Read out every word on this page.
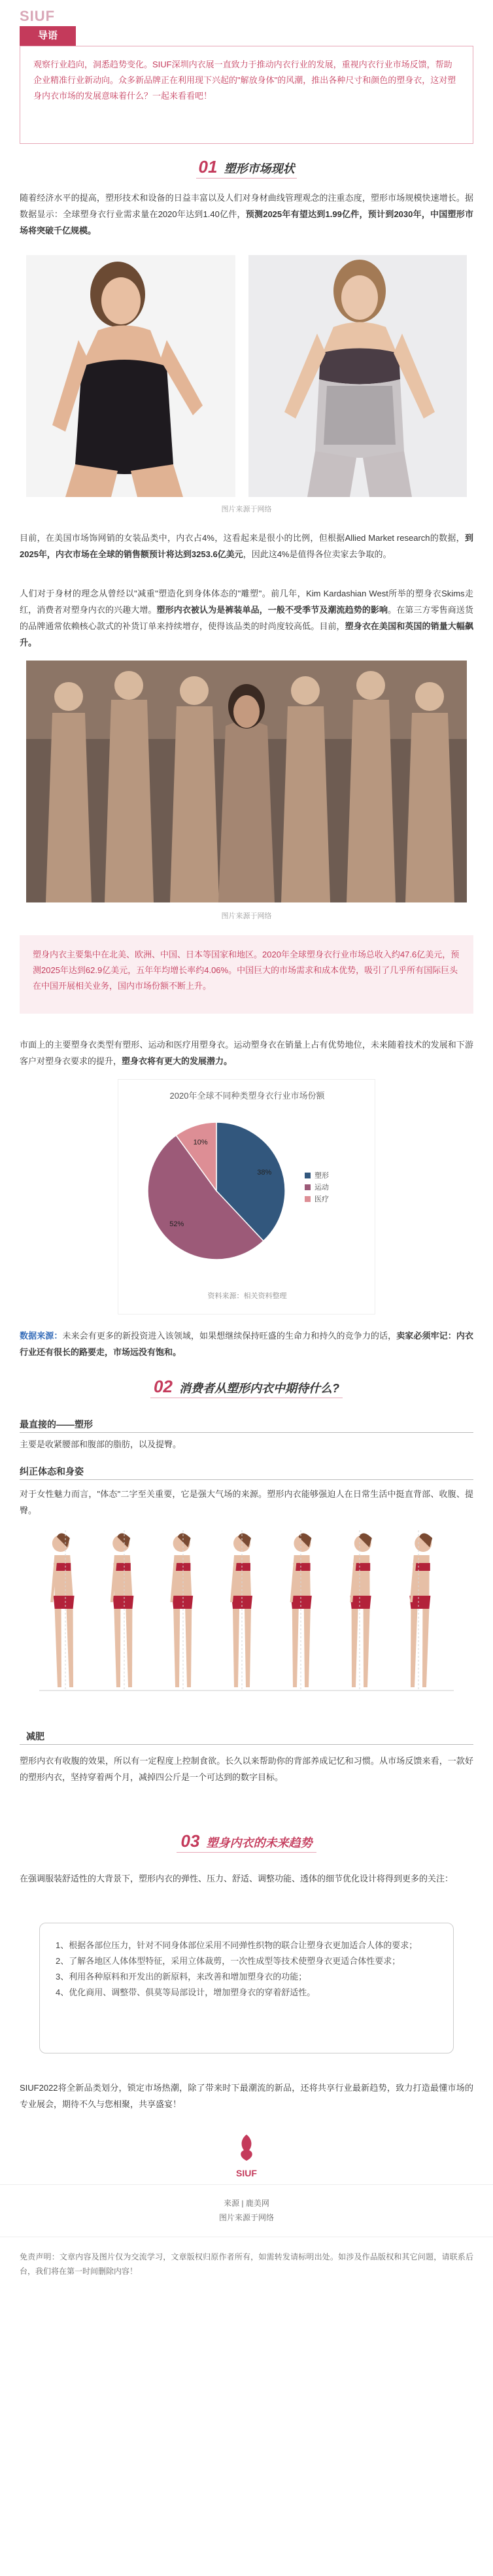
SIUF
导语
观察行业趋向，洞悉趋势变化。SIUF深圳内衣展一直致力于推动内衣行业的发展，重视内衣行业市场反馈，帮助企业精准行业新动向。众多新品牌正在利用现下兴起的"解放身体"的风潮，推出各种尺寸和颜色的塑身衣，这对塑身内衣市场的发展意味着什么？一起来看看吧！
01 塑形市场现状
随着经济水平的提高，塑形技术和设备的日益丰富以及人们对身材曲线管理观念的注重态度，塑形市场规模快速增长。据数据显示：全球塑身衣行业需求量在2020年达到1.40亿件，预测2025年有望达到1.99亿件，预计到2030年，中国塑形市场将突破千亿规模。
图片来源于网络
目前，在美国市场饰网销的女装品类中，内衣占4%，这看起来是很小的比例，但根据Allied Market research的数据，到2025年，内衣市场在全球的销售额预计将达到3253.6亿美元，因此这4%是值得各位卖家去争取的。
人们对于身材的理念从曾经以"减重"塑造化到身体体态的"雕塑"。前几年，Kim Kardashian West所举的塑身衣Skims走红，消费者对塑身内衣的兴趣大增。塑形内衣被认为是裤装单品，一般不受季节及潮流趋势的影响。在第三方零售商送货的品牌通常依赖核心款式的补货订单来持续增存，使得该品类的时尚度较高低。目前，塑身衣在美国和英国的销量大幅飙升。
图片来源于网络
塑身内衣主要集中在北美、欧洲、中国、日本等国家和地区。2020年全球塑身衣行业市场总收入约47.6亿美元，预测2025年达到62.9亿美元，五年年均增长率约4.06%。中国巨大的市场需求和成本优势，吸引了几乎所有国际巨头在中国开展相关业务，国内市场份额不断上升。
市面上的主要塑身衣类型有塑形、运动和医疗用塑身衣。运动塑身衣在销量上占有优势地位，未来随着技术的发展和下游客户对塑身衣要求的提升，塑身衣将有更大的发展潜力。
2020年全球不同种类塑身衣行业市场份额
38%
52%
10%
塑形
运动
医疗
资料来源：相关资料整理
数据来源：未来会有更多的新投资进入该领域，如果想继续保持旺盛的生命力和持久的竞争力的话，卖家必须牢记：内衣行业还有很长的路要走，市场远没有饱和。
02 消费者从塑形内衣中期待什么?
最直接的——塑形
主要是收紧腰部和腹部的脂肪，以及提臀。
纠正体态和身姿
对于女性魅力而言，"体态"二字至关重要，它是强大气场的来源。塑形内衣能够强迫人在日常生活中挺直背部、收腹、提臀。
减肥
塑形内衣有收腹的效果，所以有一定程度上控制食欲。长久以来帮助你的背部养成记忆和习惯。从市场反馈来看，一款好的塑形内衣，坚持穿着两个月，减掉四公斤是一个可达到的数字目标。
03 塑身内衣的未来趋势
在强调服装舒适性的大背景下，塑形内衣的弹性、压力、舒适、调整功能、透体的细节优化设计将得到更多的关注：
1、根据各部位压力，针对不同身体部位采用不同弹性织物的联合让塑身衣更加适合人体的要求；
2、了解各地区人体体型特征，采用立体裁剪，一次性成型等技术使塑身衣更适合体性要求；
3、利用各种原料和开发出的新原料，来改善和增加塑身衣的功能；
4、优化商用、调整带、俱莫等局部设计，增加塑身衣的穿着舒适性。
SIUF2022将全新品类划分，锁定市场热潮，除了带来时下最潮流的新品，还将共享行业最新趋势，致力打造最懂市场的专业展会，期待不久与您相聚，共享盛宴！
SIUF
来源 | 鹿美网
图片来源于网络
免责声明：文章内容及图片仅为交流学习，文章版权归原作者所有，如需转发请标明出处。如涉及作品版权和其它问题，请联系后台，我们将在第一时间删除内容！
